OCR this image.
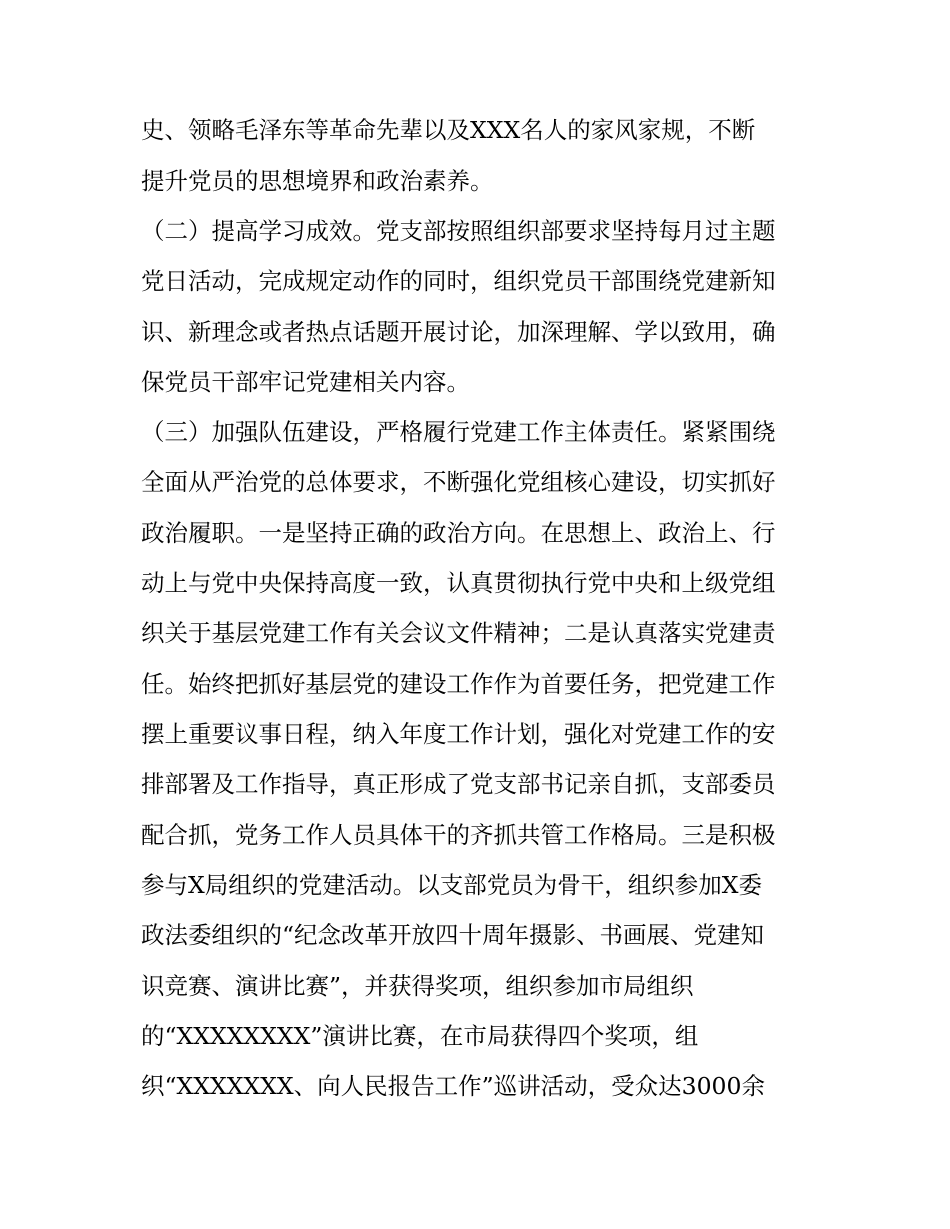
史、领略毛泽东等革命先辈以及XXX名人的家风家规，不断
提升党员的思想境界和政治素养。
（二）提高学习成效。党支部按照组织部要求坚持每月过主题
党日活动，完成规定动作的同时，组织党员干部围绕党建新知
识、新理念或者热点话题开展讨论，加深理解、学以致用，确
保党员干部牢记党建相关内容。
（三）加强队伍建设，严格履行党建工作主体责任。紧紧围绕
全面从严治党的总体要求，不断强化党组核心建设，切实抓好
政治履职。一是坚持正确的政治方向。在思想上、政治上、行
动上与党中央保持高度一致，认真贯彻执行党中央和上级党组
织关于基层党建工作有关会议文件精神；二是认真落实党建责
任。始终把抓好基层党的建设工作作为首要任务，把党建工作
摆上重要议事日程，纳入年度工作计划，强化对党建工作的安
排部署及工作指导，真正形成了党支部书记亲自抓，支部委员
配合抓，党务工作人员具体干的齐抓共管工作格局。三是积极
参与X局组织的党建活动。以支部党员为骨干，组织参加X委
政法委组织的“纪念改革开放四十周年摄影、书画展、党建知
识竞赛、演讲比赛”，并获得奖项，组织参加市局组织
的“XXXXXXXX”演讲比赛，在市局获得四个奖项，组
织“XXXXXXX、向人民报告工作”巡讲活动，受众达3000余
